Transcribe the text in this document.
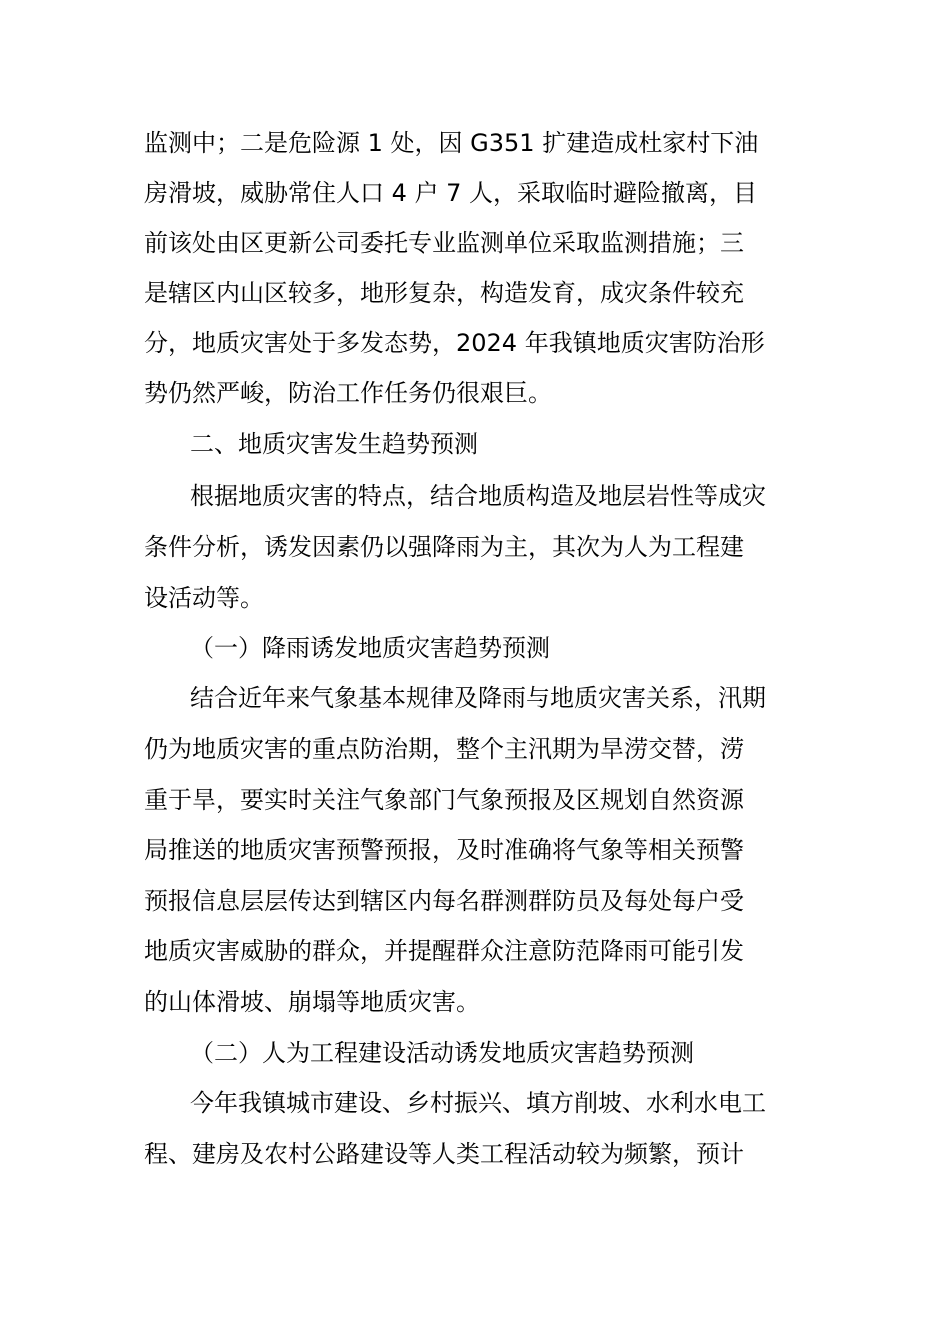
监测中；二是危险源 1 处，因 G351 扩建造成杜家村下油
房滑坡，威胁常住人口 4 户 7 人，采取临时避险撤离，目
前该处由区更新公司委托专业监测单位采取监测措施；三
是辖区内山区较多，地形复杂，构造发育，成灾条件较充
分，地质灾害处于多发态势，2024 年我镇地质灾害防治形
势仍然严峻，防治工作任务仍很艰巨。
二、地质灾害发生趋势预测
根据地质灾害的特点，结合地质构造及地层岩性等成灾
条件分析，诱发因素仍以强降雨为主，其次为人为工程建
设活动等。
（一）降雨诱发地质灾害趋势预测
结合近年来气象基本规律及降雨与地质灾害关系，汛期
仍为地质灾害的重点防治期，整个主汛期为旱涝交替，涝
重于旱，要实时关注气象部门气象预报及区规划自然资源
局推送的地质灾害预警预报，及时准确将气象等相关预警
预报信息层层传达到辖区内每名群测群防员及每处每户受
地质灾害威胁的群众，并提醒群众注意防范降雨可能引发
的山体滑坡、崩塌等地质灾害。
（二）人为工程建设活动诱发地质灾害趋势预测
今年我镇城市建设、乡村振兴、填方削坡、水利水电工
程、建房及农村公路建设等人类工程活动较为频繁，预计
